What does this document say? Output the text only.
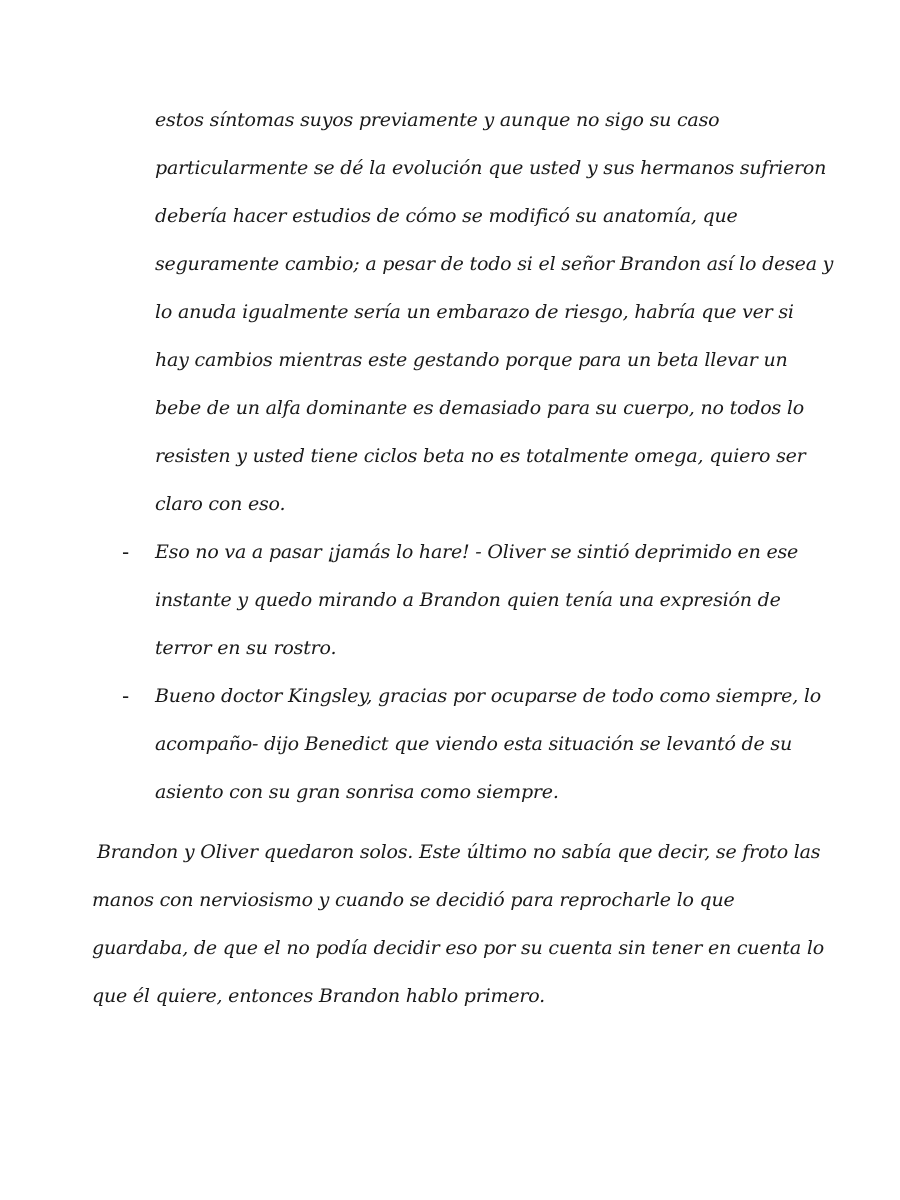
estos síntomas suyos previamente y aunque no sigo su caso
particularmente se dé la evolución que usted y sus hermanos sufrieron
debería hacer estudios de cómo se modificó su anatomía, que
seguramente cambio; a pesar de todo si el señor Brandon así lo desea y
lo anuda igualmente sería un embarazo de riesgo, habría que ver si
hay cambios mientras este gestando porque para un beta llevar un
bebe de un alfa dominante es demasiado para su cuerpo, no todos lo
resisten y usted tiene ciclos beta no es totalmente omega, quiero ser
claro con eso.
- Eso no va a pasar ¡jamás lo hare! - Oliver se sintió deprimido en ese
instante y quedo mirando a Brandon quien tenía una expresión de
terror en su rostro.
- Bueno doctor Kingsley, gracias por ocuparse de todo como siempre, lo
acompaño- dijo Benedict que viendo esta situación se levantó de su
asiento con su gran sonrisa como siempre.
Brandon y Oliver quedaron solos. Este último no sabía que decir, se froto las
manos con nerviosismo y cuando se decidió para reprocharle lo que
guardaba, de que el no podía decidir eso por su cuenta sin tener en cuenta lo
que él quiere, entonces Brandon hablo primero.
